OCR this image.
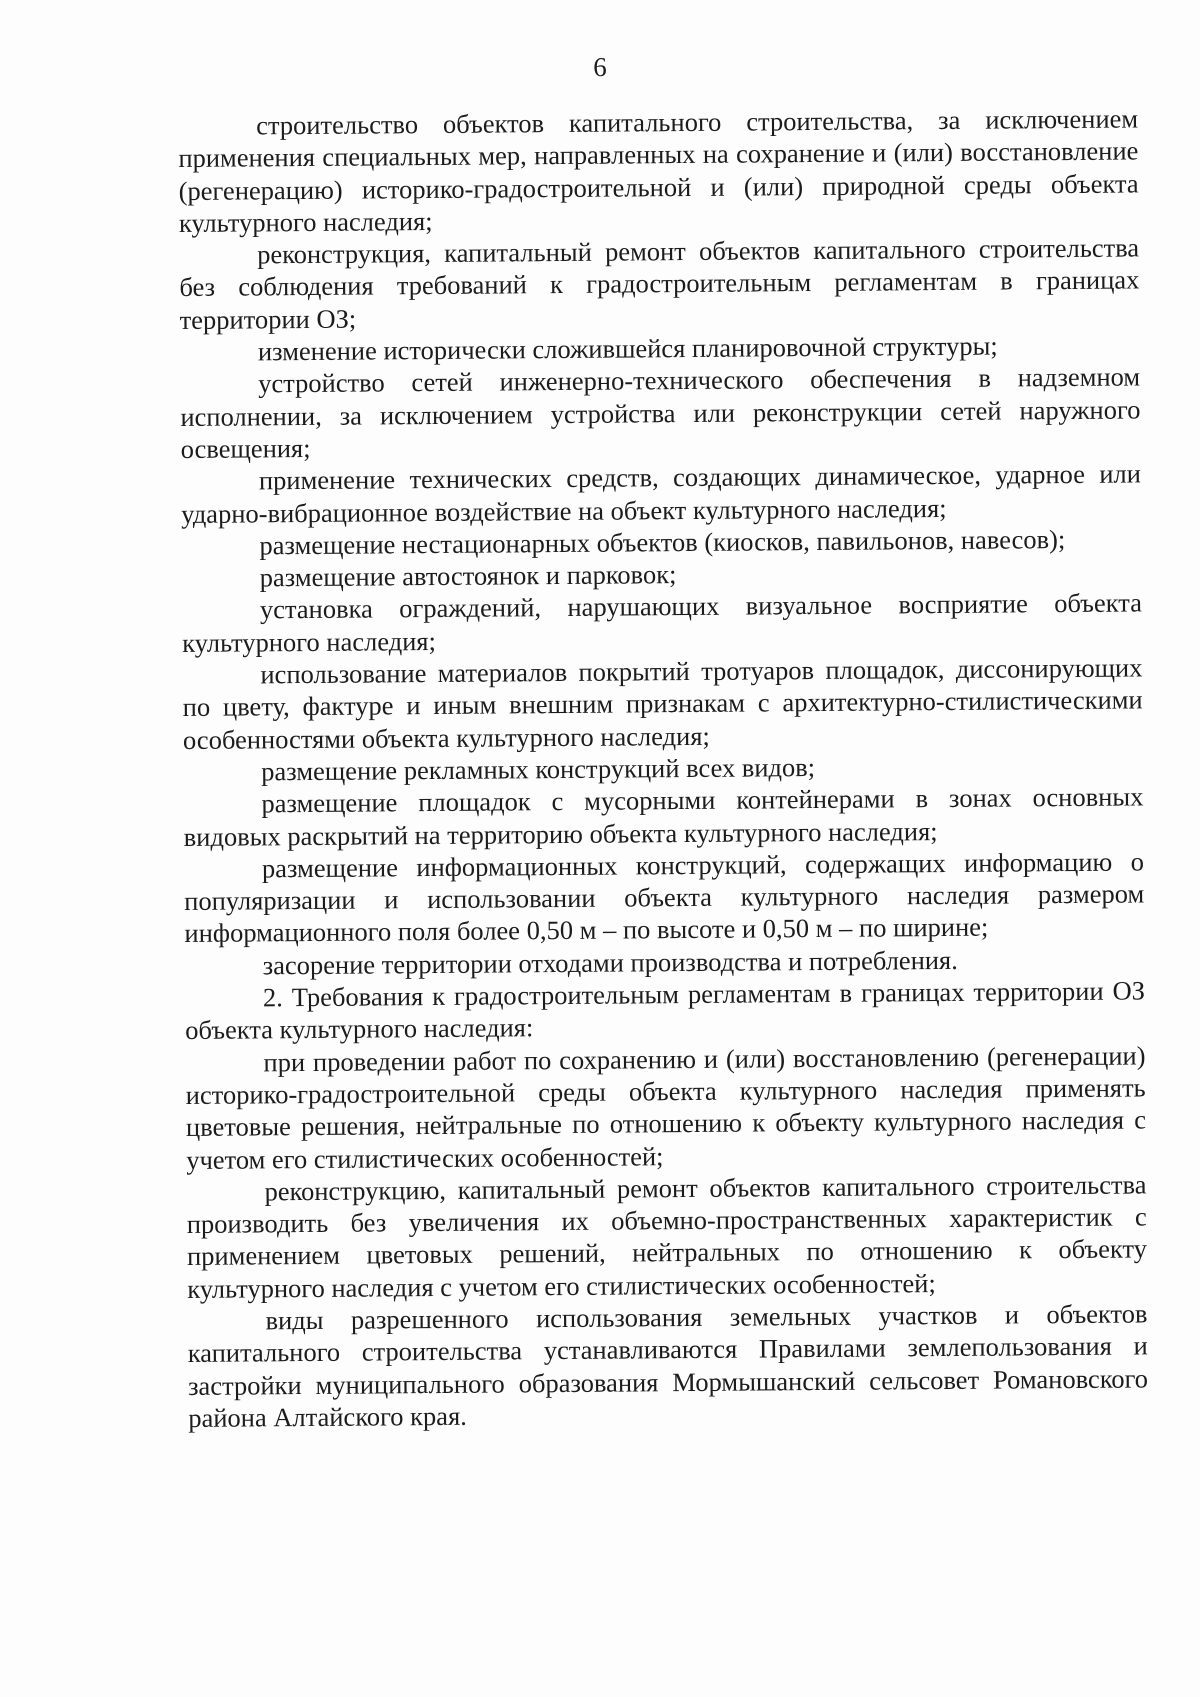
6

строительство объектов капитального строительства, за исключением применения специальных мер, направленных на сохранение и (или) восстановление (регенерацию) историко-градостроительной и (или) природной среды объекта культурного наследия;

реконструкция, капитальный ремонт объектов капитального строительства без соблюдения требований к градостроительным регламентам в границах территории ОЗ;

изменение исторически сложившейся планировочной структуры;

устройство сетей инженерно-технического обеспечения в надземном исполнении, за исключением устройства или реконструкции сетей наружного освещения;

применение технических средств, создающих динамическое, ударное или ударно-вибрационное воздействие на объект культурного наследия;

размещение нестационарных объектов (киосков, павильонов, навесов);

размещение автостоянок и парковок;

установка ограждений, нарушающих визуальное восприятие объекта культурного наследия;

использование материалов покрытий тротуаров площадок, диссонирующих по цвету, фактуре и иным внешним признакам с архитектурно-стилистическими особенностями объекта культурного наследия;

размещение рекламных конструкций всех видов;

размещение площадок с мусорными контейнерами в зонах основных видовых раскрытий на территорию объекта культурного наследия;

размещение информационных конструкций, содержащих информацию о популяризации и использовании объекта культурного наследия размером информационного поля более 0,50 м – по высоте и 0,50 м – по ширине;

засорение территории отходами производства и потребления.

2. Требования к градостроительным регламентам в границах территории ОЗ объекта культурного наследия:

при проведении работ по сохранению и (или) восстановлению (регенерации) историко-градостроительной среды объекта культурного наследия применять цветовые решения, нейтральные по отношению к объекту культурного наследия с учетом его стилистических особенностей;

реконструкцию, капитальный ремонт объектов капитального строительства производить без увеличения их объемно-пространственных характеристик с применением цветовых решений, нейтральных по отношению к объекту культурного наследия с учетом его стилистических особенностей;

виды разрешенного использования земельных участков и объектов капитального строительства устанавливаются Правилами землепользования и застройки муниципального образования Мормышанский сельсовет Романовского района Алтайского края.
